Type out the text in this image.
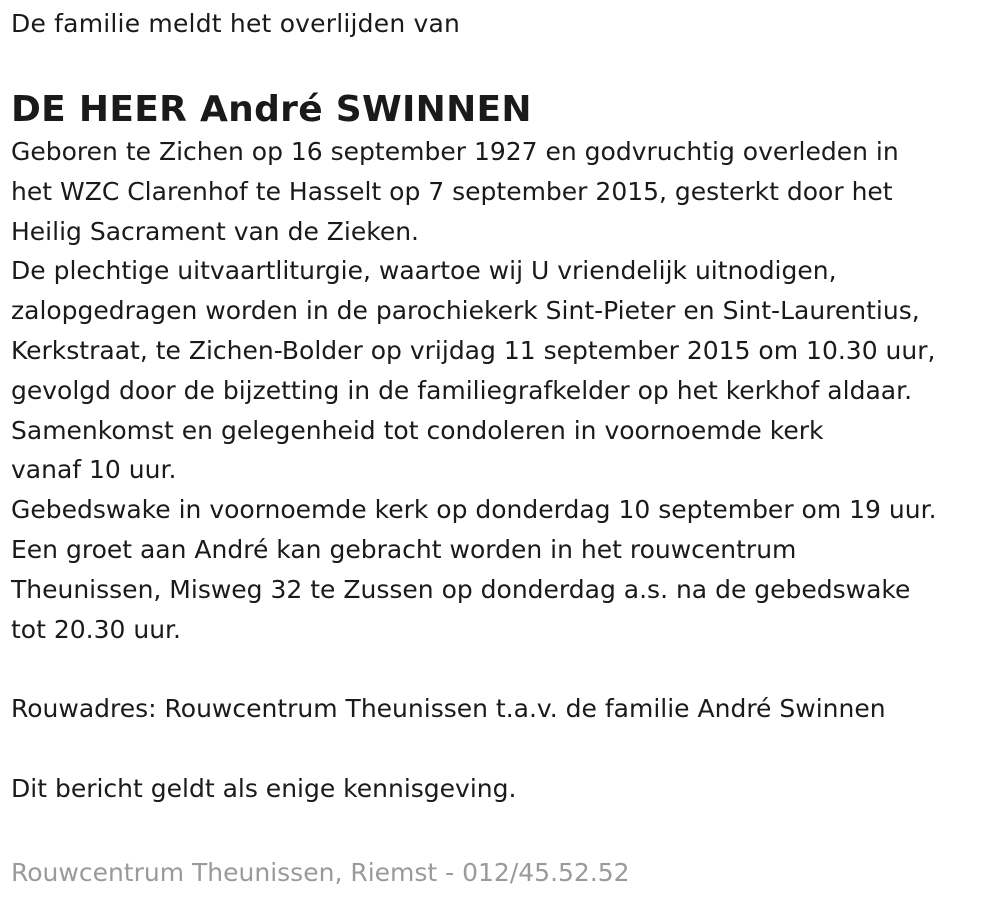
De familie meldt het overlijden van
DE HEER André SWINNEN
Geboren te Zichen op 16 september 1927 en godvruchtig overleden in
het WZC Clarenhof te Hasselt op 7 september 2015, gesterkt door het
Heilig Sacrament van de Zieken.
De plechtige uitvaartliturgie, waartoe wij U vriendelijk uitnodigen,
zalopgedragen worden in de parochiekerk Sint-Pieter en Sint-Laurentius,
Kerkstraat, te Zichen-Bolder op vrijdag 11 september 2015 om 10.30 uur,
gevolgd door de bijzetting in de familiegrafkelder op het kerkhof aldaar.
Samenkomst en gelegenheid tot condoleren in voornoemde kerk
vanaf 10 uur.
Gebedswake in voornoemde kerk op donderdag 10 september om 19 uur.
Een groet aan André kan gebracht worden in het rouwcentrum
Theunissen, Misweg 32 te Zussen op donderdag a.s. na de gebedswake
tot 20.30 uur.
Rouwadres: Rouwcentrum Theunissen t.a.v. de familie André Swinnen
Dit bericht geldt als enige kennisgeving.
Rouwcentrum Theunissen, Riemst - 012/45.52.52
